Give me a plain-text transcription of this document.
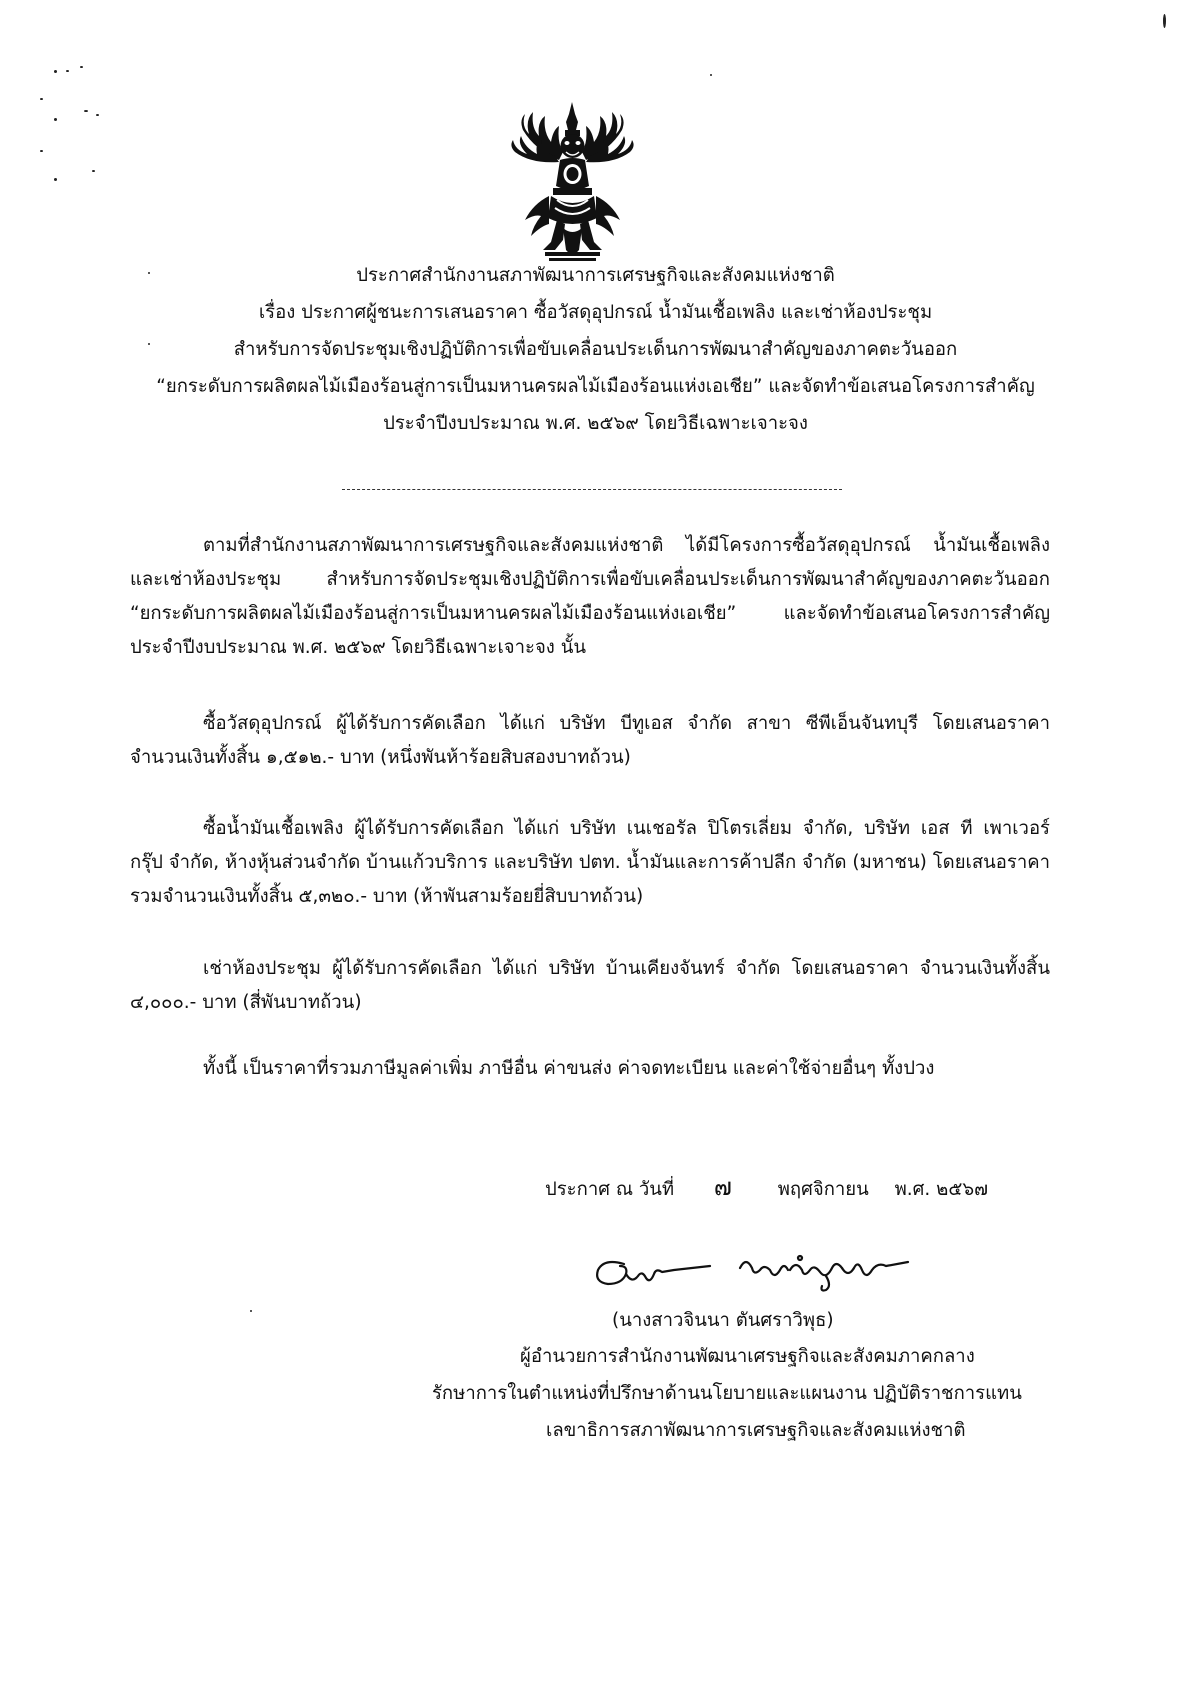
ประกาศสำนักงานสภาพัฒนาการเศรษฐกิจและสังคมแห่งชาติ
เรื่อง ประกาศผู้ชนะการเสนอราคา ซื้อวัสดุอุปกรณ์ น้ำมันเชื้อเพลิง และเช่าห้องประชุม
สำหรับการจัดประชุมเชิงปฏิบัติการเพื่อขับเคลื่อนประเด็นการพัฒนาสำคัญของภาคตะวันออก
“ยกระดับการผลิตผลไม้เมืองร้อนสู่การเป็นมหานครผลไม้เมืองร้อนแห่งเอเชีย” และจัดทำข้อเสนอโครงการสำคัญ
ประจำปีงบประมาณ พ.ศ. ๒๕๖๙ โดยวิธีเฉพาะเจาะจง
ตามที่สำนักงานสภาพัฒนาการเศรษฐกิจและสังคมแห่งชาติ ได้มีโครงการซื้อวัสดุอุปกรณ์ น้ำมันเชื้อเพลิง
และเช่าห้องประชุม สำหรับการจัดประชุมเชิงปฏิบัติการเพื่อขับเคลื่อนประเด็นการพัฒนาสำคัญของภาคตะวันออก
“ยกระดับการผลิตผลไม้เมืองร้อนสู่การเป็นมหานครผลไม้เมืองร้อนแห่งเอเชีย” และจัดทำข้อเสนอโครงการสำคัญ
ประจำปีงบประมาณ พ.ศ. ๒๕๖๙ โดยวิธีเฉพาะเจาะจง นั้น
ซื้อวัสดุอุปกรณ์ ผู้ได้รับการคัดเลือก ได้แก่ บริษัท บีทูเอส จำกัด สาขา ซีพีเอ็นจันทบุรี โดยเสนอราคา
จำนวนเงินทั้งสิ้น ๑,๕๑๒.- บาท (หนึ่งพันห้าร้อยสิบสองบาทถ้วน)
ซื้อน้ำมันเชื้อเพลิง ผู้ได้รับการคัดเลือก ได้แก่ บริษัท เนเชอรัล ปิโตรเลี่ยม จำกัด, บริษัท เอส ที เพาเวอร์
กรุ๊ป จำกัด, ห้างหุ้นส่วนจำกัด บ้านแก้วบริการ และบริษัท ปตท. น้ำมันและการค้าปลีก จำกัด (มหาชน) โดยเสนอราคา
รวมจำนวนเงินทั้งสิ้น ๕,๓๒๐.- บาท (ห้าพันสามร้อยยี่สิบบาทถ้วน)
เช่าห้องประชุม ผู้ได้รับการคัดเลือก ได้แก่ บริษัท บ้านเคียงจันทร์ จำกัด โดยเสนอราคา จำนวนเงินทั้งสิ้น
๔,๐๐๐.- บาท (สี่พันบาทถ้วน)
ทั้งนี้ เป็นราคาที่รวมภาษีมูลค่าเพิ่ม ภาษีอื่น ค่าขนส่ง ค่าจดทะเบียน และค่าใช้จ่ายอื่นๆ ทั้งปวง
ประกาศ ณ วันที่ ๗ พฤศจิกายน พ.ศ. ๒๕๖๗
(นางสาวจินนา ตันศราวิพุธ)
ผู้อำนวยการสำนักงานพัฒนาเศรษฐกิจและสังคมภาคกลาง
รักษาการในตำแหน่งที่ปรึกษาด้านนโยบายและแผนงาน ปฏิบัติราชการแทน
เลขาธิการสภาพัฒนาการเศรษฐกิจและสังคมแห่งชาติ
